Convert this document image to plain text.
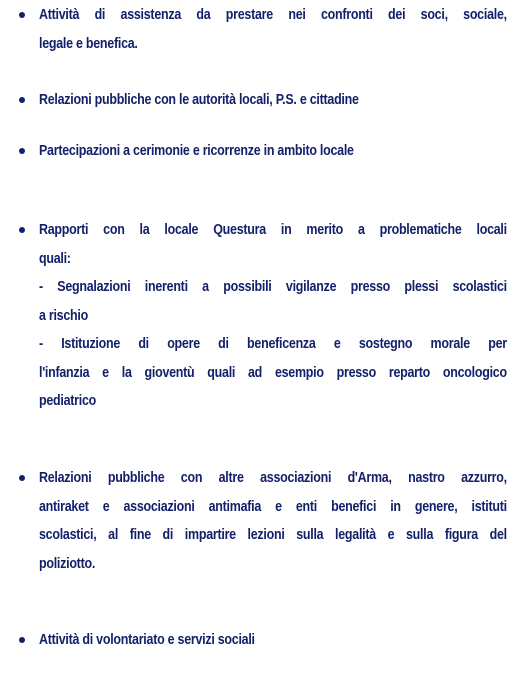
Attività di assistenza da prestare nei confronti dei soci, sociale,
legale e benefica.
Relazioni pubbliche con le autorità locali, P.S. e cittadine
Partecipazioni a cerimonie e ricorrenze in ambito locale
Rapporti con la locale Questura in merito a problematiche locali
quali:
- Segnalazioni inerenti a possibili vigilanze presso plessi scolastici
a rischio
- Istituzione di opere di beneficenza e sostegno morale per
l'infanzia e la gioventù quali ad esempio presso reparto oncologico
pediatrico
Relazioni pubbliche con altre associazioni d'Arma, nastro azzurro,
antiraket e associazioni antimafia e enti benefici in genere, istituti
scolastici, al fine di impartire lezioni sulla legalità e sulla figura del
poliziotto.
Attività di volontariato e servizi sociali
